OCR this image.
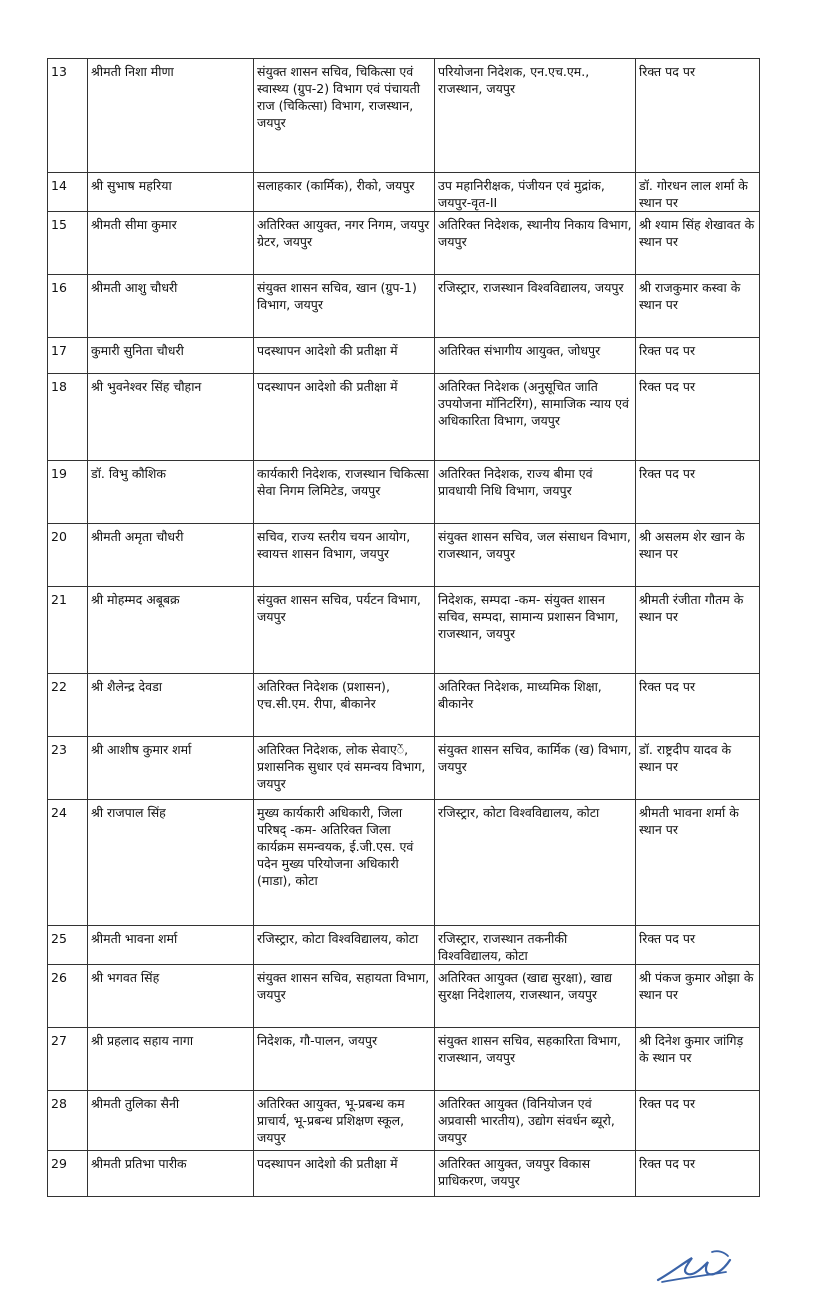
13	श्रीमती निशा मीणा	संयुक्त शासन सचिव, चिकित्सा एवं स्वास्थ्य (ग्रुप-2) विभाग एवं पंचायती राज (चिकित्सा) विभाग, राजस्थान, जयपुर	परियोजना निदेशक, एन.एच.एम., राजस्थान, जयपुर	रिक्त पद पर
14	श्री सुभाष महरिया	सलाहकार (कार्मिक), रीको, जयपुर	उप महानिरीक्षक, पंजीयन एवं मुद्रांक, जयपुर-वृत-II	डॉ. गोरधन लाल शर्मा के स्थान पर
15	श्रीमती सीमा कुमार	अतिरिक्त आयुक्त, नगर निगम, जयपुर ग्रेटर, जयपुर	अतिरिक्त निदेशक, स्थानीय निकाय विभाग, जयपुर	श्री श्याम सिंह शेखावत के स्थान पर
16	श्रीमती आशु चौधरी	संयुक्त शासन सचिव, खान (ग्रुप-1) विभाग, जयपुर	रजिस्ट्रार, राजस्थान विश्वविद्यालय, जयपुर	श्री राजकुमार कस्वा के स्थान पर
17	कुमारी सुनिता चौधरी	पदस्थापन आदेशो की प्रतीक्षा में	अतिरिक्त संभागीय आयुक्त, जोधपुर	रिक्त पद पर
18	श्री भुवनेश्वर सिंह चौहान	पदस्थापन आदेशो की प्रतीक्षा में	अतिरिक्त निदेशक (अनुसूचित जाति उपयोजना मॉनिटरिंग), सामाजिक न्याय एवं अधिकारिता विभाग, जयपुर	रिक्त पद पर
19	डॉ. विभु कौशिक	कार्यकारी निदेशक, राजस्थान चिकित्सा सेवा निगम लिमिटेड, जयपुर	अतिरिक्त निदेशक, राज्य बीमा एवं प्रावधायी निधि विभाग, जयपुर	रिक्त पद पर
20	श्रीमती अमृता चौधरी	सचिव, राज्य स्तरीय चयन आयोग, स्वायत्त शासन विभाग, जयपुर	संयुक्त शासन सचिव, जल संसाधन विभाग, राजस्थान, जयपुर	श्री असलम शेर खान के स्थान पर
21	श्री मोहम्मद अबूबक्र	संयुक्त शासन सचिव, पर्यटन विभाग, जयपुर	निदेशक, सम्पदा -कम- संयुक्त शासन सचिव, सम्पदा, सामान्य प्रशासन विभाग, राजस्थान, जयपुर	श्रीमती रंजीता गौतम के स्थान पर
22	श्री शैलेन्द्र देवडा	अतिरिक्त निदेशक (प्रशासन), एच.सी.एम. रीपा, बीकानेर	अतिरिक्त निदेशक, माध्यमिक शिक्षा, बीकानेर	रिक्त पद पर
23	श्री आशीष कुमार शर्मा	अतिरिक्त निदेशक, लोक सेवाएें, प्रशासनिक सुधार एवं समन्वय विभाग, जयपुर	संयुक्त शासन सचिव, कार्मिक (ख) विभाग, जयपुर	डॉ. राष्ट्रदीप यादव के स्थान पर
24	श्री राजपाल सिंह	मुख्य कार्यकारी अधिकारी, जिला परिषद् -कम- अतिरिक्त जिला कार्यक्रम समन्वयक, ई.जी.एस. एवं पदेन मुख्य परियोजना अधिकारी (माडा), कोटा	रजिस्ट्रार, कोटा विश्वविद्यालय, कोटा	श्रीमती भावना शर्मा के स्थान पर
25	श्रीमती भावना शर्मा	रजिस्ट्रार, कोटा विश्वविद्यालय, कोटा	रजिस्ट्रार, राजस्थान तकनीकी विश्वविद्यालय, कोटा	रिक्त पद पर
26	श्री भगवत सिंह	संयुक्त शासन सचिव, सहायता विभाग, जयपुर	अतिरिक्त आयुक्त (खाद्य सुरक्षा), खाद्य सुरक्षा निदेशालय, राजस्थान, जयपुर	श्री पंकज कुमार ओझा के स्थान पर
27	श्री प्रहलाद सहाय नागा	निदेशक, गौ-पालन, जयपुर	संयुक्त शासन सचिव, सहकारिता विभाग, राजस्थान, जयपुर	श्री दिनेश कुमार जांगिड़ के स्थान पर
28	श्रीमती तुलिका सैनी	अतिरिक्त आयुक्त, भू-प्रबन्ध कम प्राचार्य, भू-प्रबन्ध प्रशिक्षण स्कूल, जयपुर	अतिरिक्त आयुक्त (विनियोजन एवं अप्रवासी भारतीय), उद्योग संवर्धन ब्यूरो, जयपुर	रिक्त पद पर
29	श्रीमती प्रतिभा पारीक	पदस्थापन आदेशो की प्रतीक्षा में	अतिरिक्त आयुक्त, जयपुर विकास प्राधिकरण, जयपुर	रिक्त पद पर
